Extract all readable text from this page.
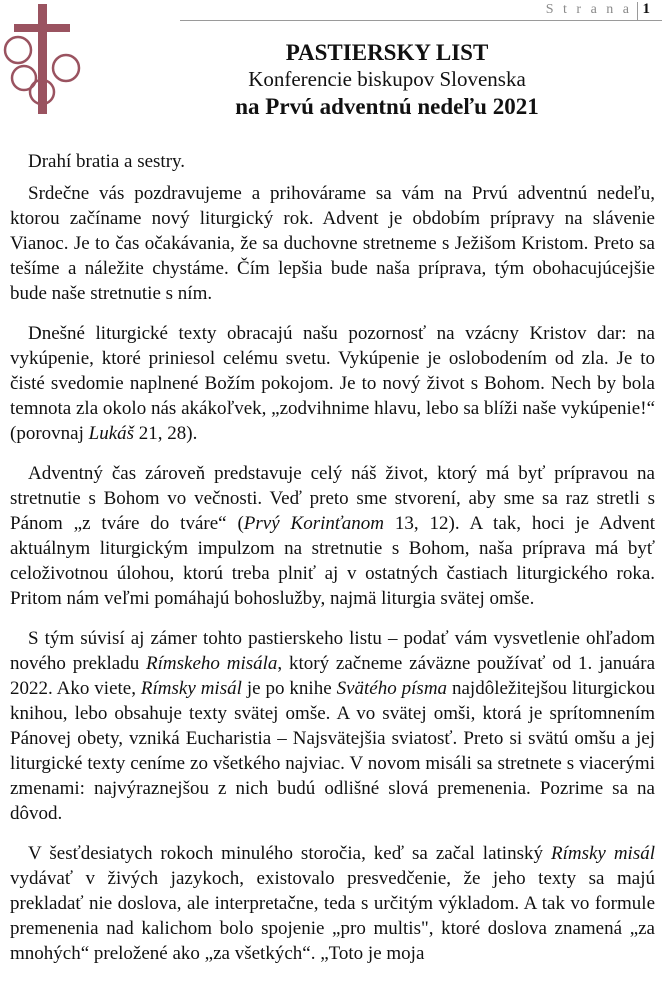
S t r a n a 1
PASTIERSKY LIST
Konferencie biskupov Slovenska
na Prvú adventnú nedeľu 2021
Drahí bratia a sestry.

Srdečne vás pozdravujeme a prihovárame sa vám na Prvú adventnú nedeľu, ktorou začíname nový liturgický rok. Advent je obdobím prípravy na slávenie Vianoc. Je to čas očakávania, že sa duchovne stretneme s Ježišom Kristom. Preto sa tešíme a náležite chystáme. Čím lepšia bude naša príprava, tým obohacujúcejšie bude naše stretnutie s ním.

Dnešné liturgické texty obracajú našu pozornosť na vzácny Kristov dar: na vykúpenie, ktoré priniesol celému svetu. Vykúpenie je oslobodením od zla. Je to čisté svedomie naplnené Božím pokojom. Je to nový život s Bohom. Nech by bola temnota zla okolo nás akákoľvek, „zodvihnime hlavu, lebo sa blíži naše vykúpenie!“ (porovnaj Lukáš 21, 28).

Adventný čas zároveň predstavuje celý náš život, ktorý má byť prípravou na stretnutie s Bohom vo večnosti. Veď preto sme stvorení, aby sme sa raz stretli s Pánom „z tváre do tváre“ (Prvý Korinťanom 13, 12). A tak, hoci je Advent aktuálnym liturgickým impulzom na stretnutie s Bohom, naša príprava má byť celoživotnou úlohou, ktorú treba plniť aj v ostatných častiach liturgického roka. Pritom nám veľmi pomáhajú bohoslužby, najmä liturgia svätej omše.

S tým súvisí aj zámer tohto pastierskeho listu – podať vám vysvetlenie ohľadom nového prekladu Rímskeho misála, ktorý začneme záväzne používať od 1. januára 2022. Ako viete, Rímsky misál je po knihe Svätého písma najdôležitejšou liturgickou knihou, lebo obsahuje texty svätej omše. A vo svätej omši, ktorá je sprítomnením Pánovej obety, vzniká Eucharistia – Najsvätejšia sviatosť. Preto si svätú omšu a jej liturgické texty ceníme zo všetkého najviac. V novom misáli sa stretnete s viacerými zmenami: najvýraznejšou z nich budú odlišné slová premenenia. Pozrime sa na dôvod.

V šesťdesiatych rokoch minulého storočia, keď sa začal latinský Rímsky misál vydávať v živých jazykoch, existovalo presvedčenie, že jeho texty sa majú prekladať nie doslova, ale interpretačne, teda s určitým výkladom. A tak vo formule premenenia nad kalichom bolo spojenie „pro multis", ktoré doslova znamená „za mnohých“ preložené ako „za všetkých“. „Toto je moja
